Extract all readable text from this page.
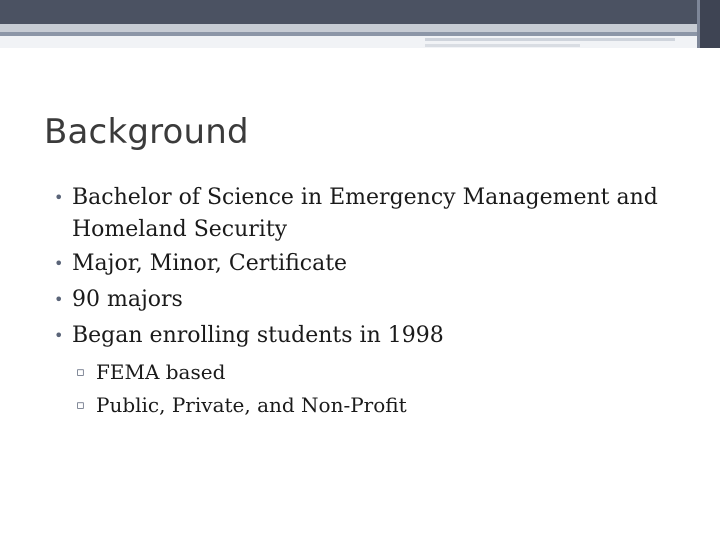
Background
• Bachelor of Science in Emergency Management and Homeland Security
• Major, Minor, Certificate
• 90 majors
• Began enrolling students in 1998
▫ FEMA based
▫ Public, Private, and Non-Profit
